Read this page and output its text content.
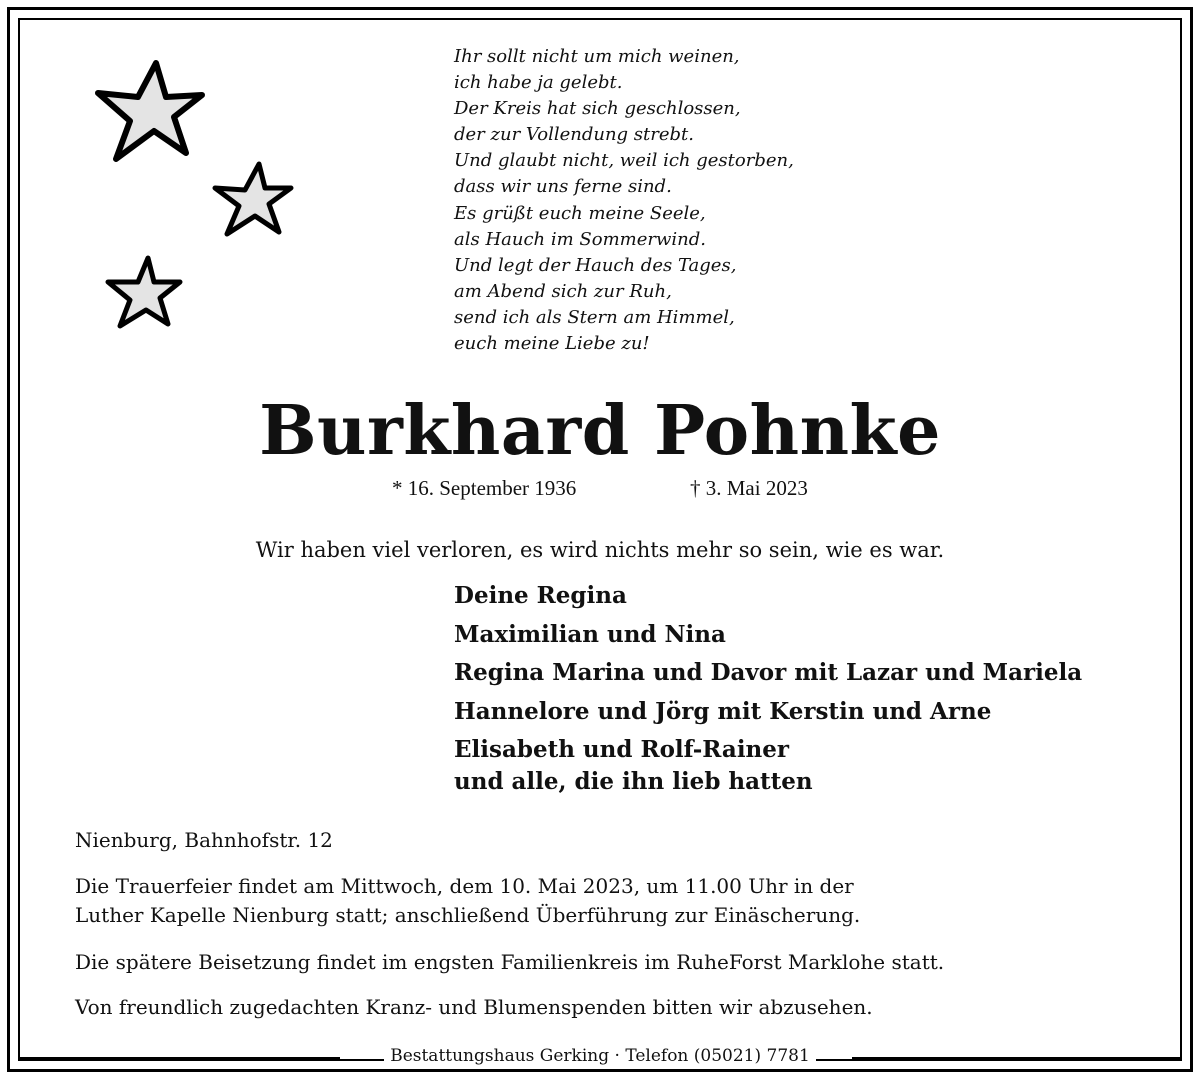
Ihr sollt nicht um mich weinen,
ich habe ja gelebt.
Der Kreis hat sich geschlossen,
der zur Vollendung strebt.
Und glaubt nicht, weil ich gestorben,
dass wir uns ferne sind.
Es grüßt euch meine Seele,
als Hauch im Sommerwind.
Und legt der Hauch des Tages,
am Abend sich zur Ruh,
send ich als Stern am Himmel,
euch meine Liebe zu!
Burkhard Pohnke
* 16. September 1936	† 3. Mai 2023
Wir haben viel verloren, es wird nichts mehr so sein, wie es war.
Deine Regina
Maximilian und Nina
Regina Marina und Davor mit Lazar und Mariela
Hannelore und Jörg mit Kerstin und Arne
Elisabeth und Rolf-Rainer
und alle, die ihn lieb hatten
Nienburg, Bahnhofstr. 12
Die Trauerfeier findet am Mittwoch, dem 10. Mai 2023, um 11.00 Uhr in der
Luther Kapelle Nienburg statt; anschließend Überführung zur Einäscherung.
Die spätere Beisetzung findet im engsten Familienkreis im RuheForst Marklohe statt.
Von freundlich zugedachten Kranz- und Blumenspenden bitten wir abzusehen.
Bestattungshaus Gerking · Telefon (05021) 7781
